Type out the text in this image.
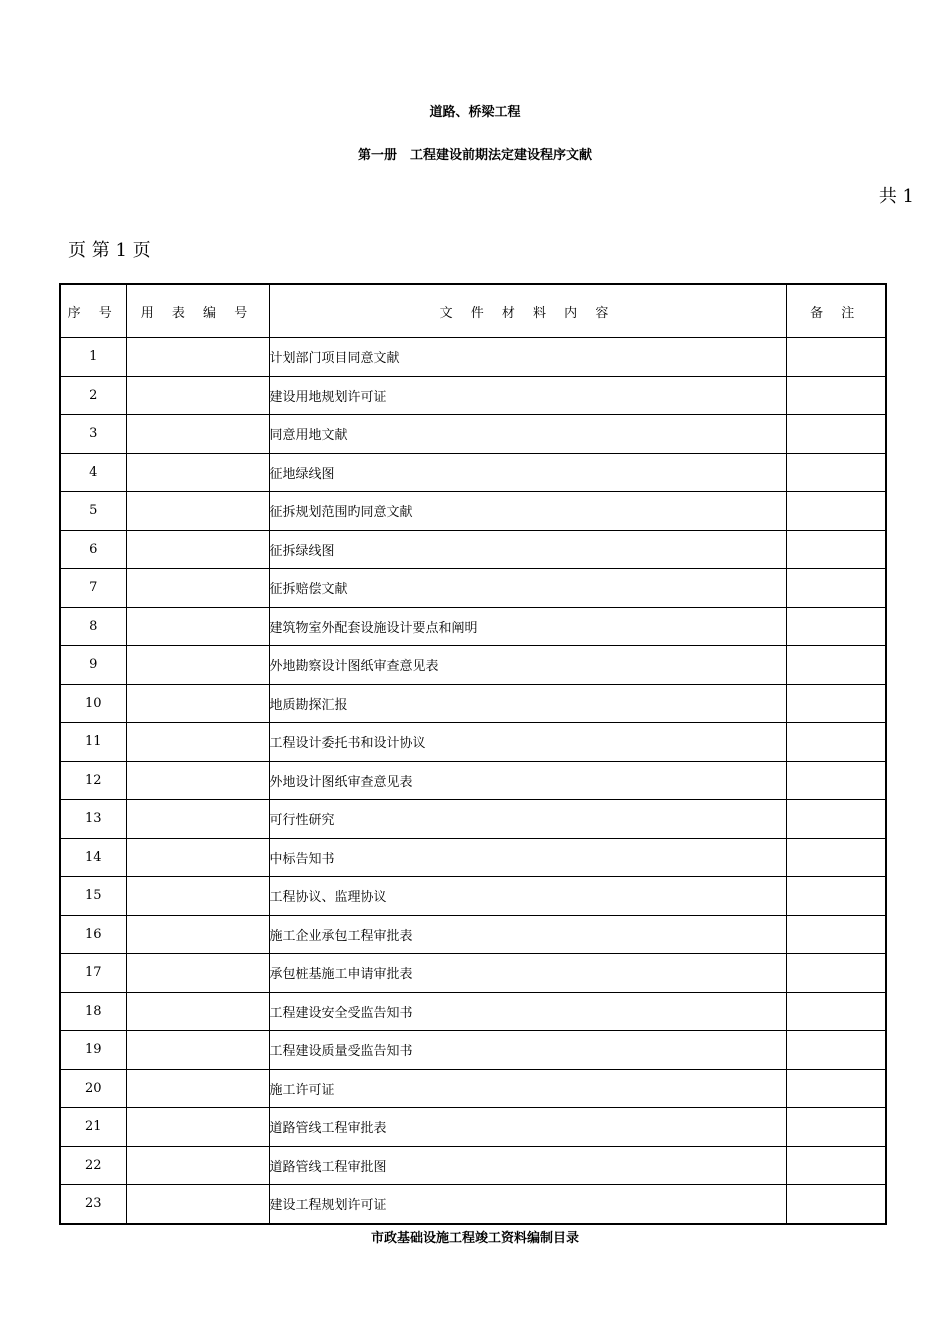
道路、桥梁工程
第一册　工程建设前期法定建设程序文献
共 1
页 第 1 页
序 号	用 表 编 号	文 件 材 料 内 容	备 注
1		计划部门项目同意文献	
2		建设用地规划许可证	
3		同意用地文献	
4		征地绿线图	
5		征拆规划范围旳同意文献	
6		征拆绿线图	
7		征拆赔偿文献	
8		建筑物室外配套设施设计要点和阐明	
9		外地勘察设计图纸审查意见表	
10		地质勘探汇报	
11		工程设计委托书和设计协议	
12		外地设计图纸审查意见表	
13		可行性研究	
14		中标告知书	
15		工程协议、监理协议	
16		施工企业承包工程审批表	
17		承包桩基施工申请审批表	
18		工程建设安全受监告知书	
19		工程建设质量受监告知书	
20		施工许可证	
21		道路管线工程审批表	
22		道路管线工程审批图	
23		建设工程规划许可证	
市政基础设施工程竣工资料编制目录
